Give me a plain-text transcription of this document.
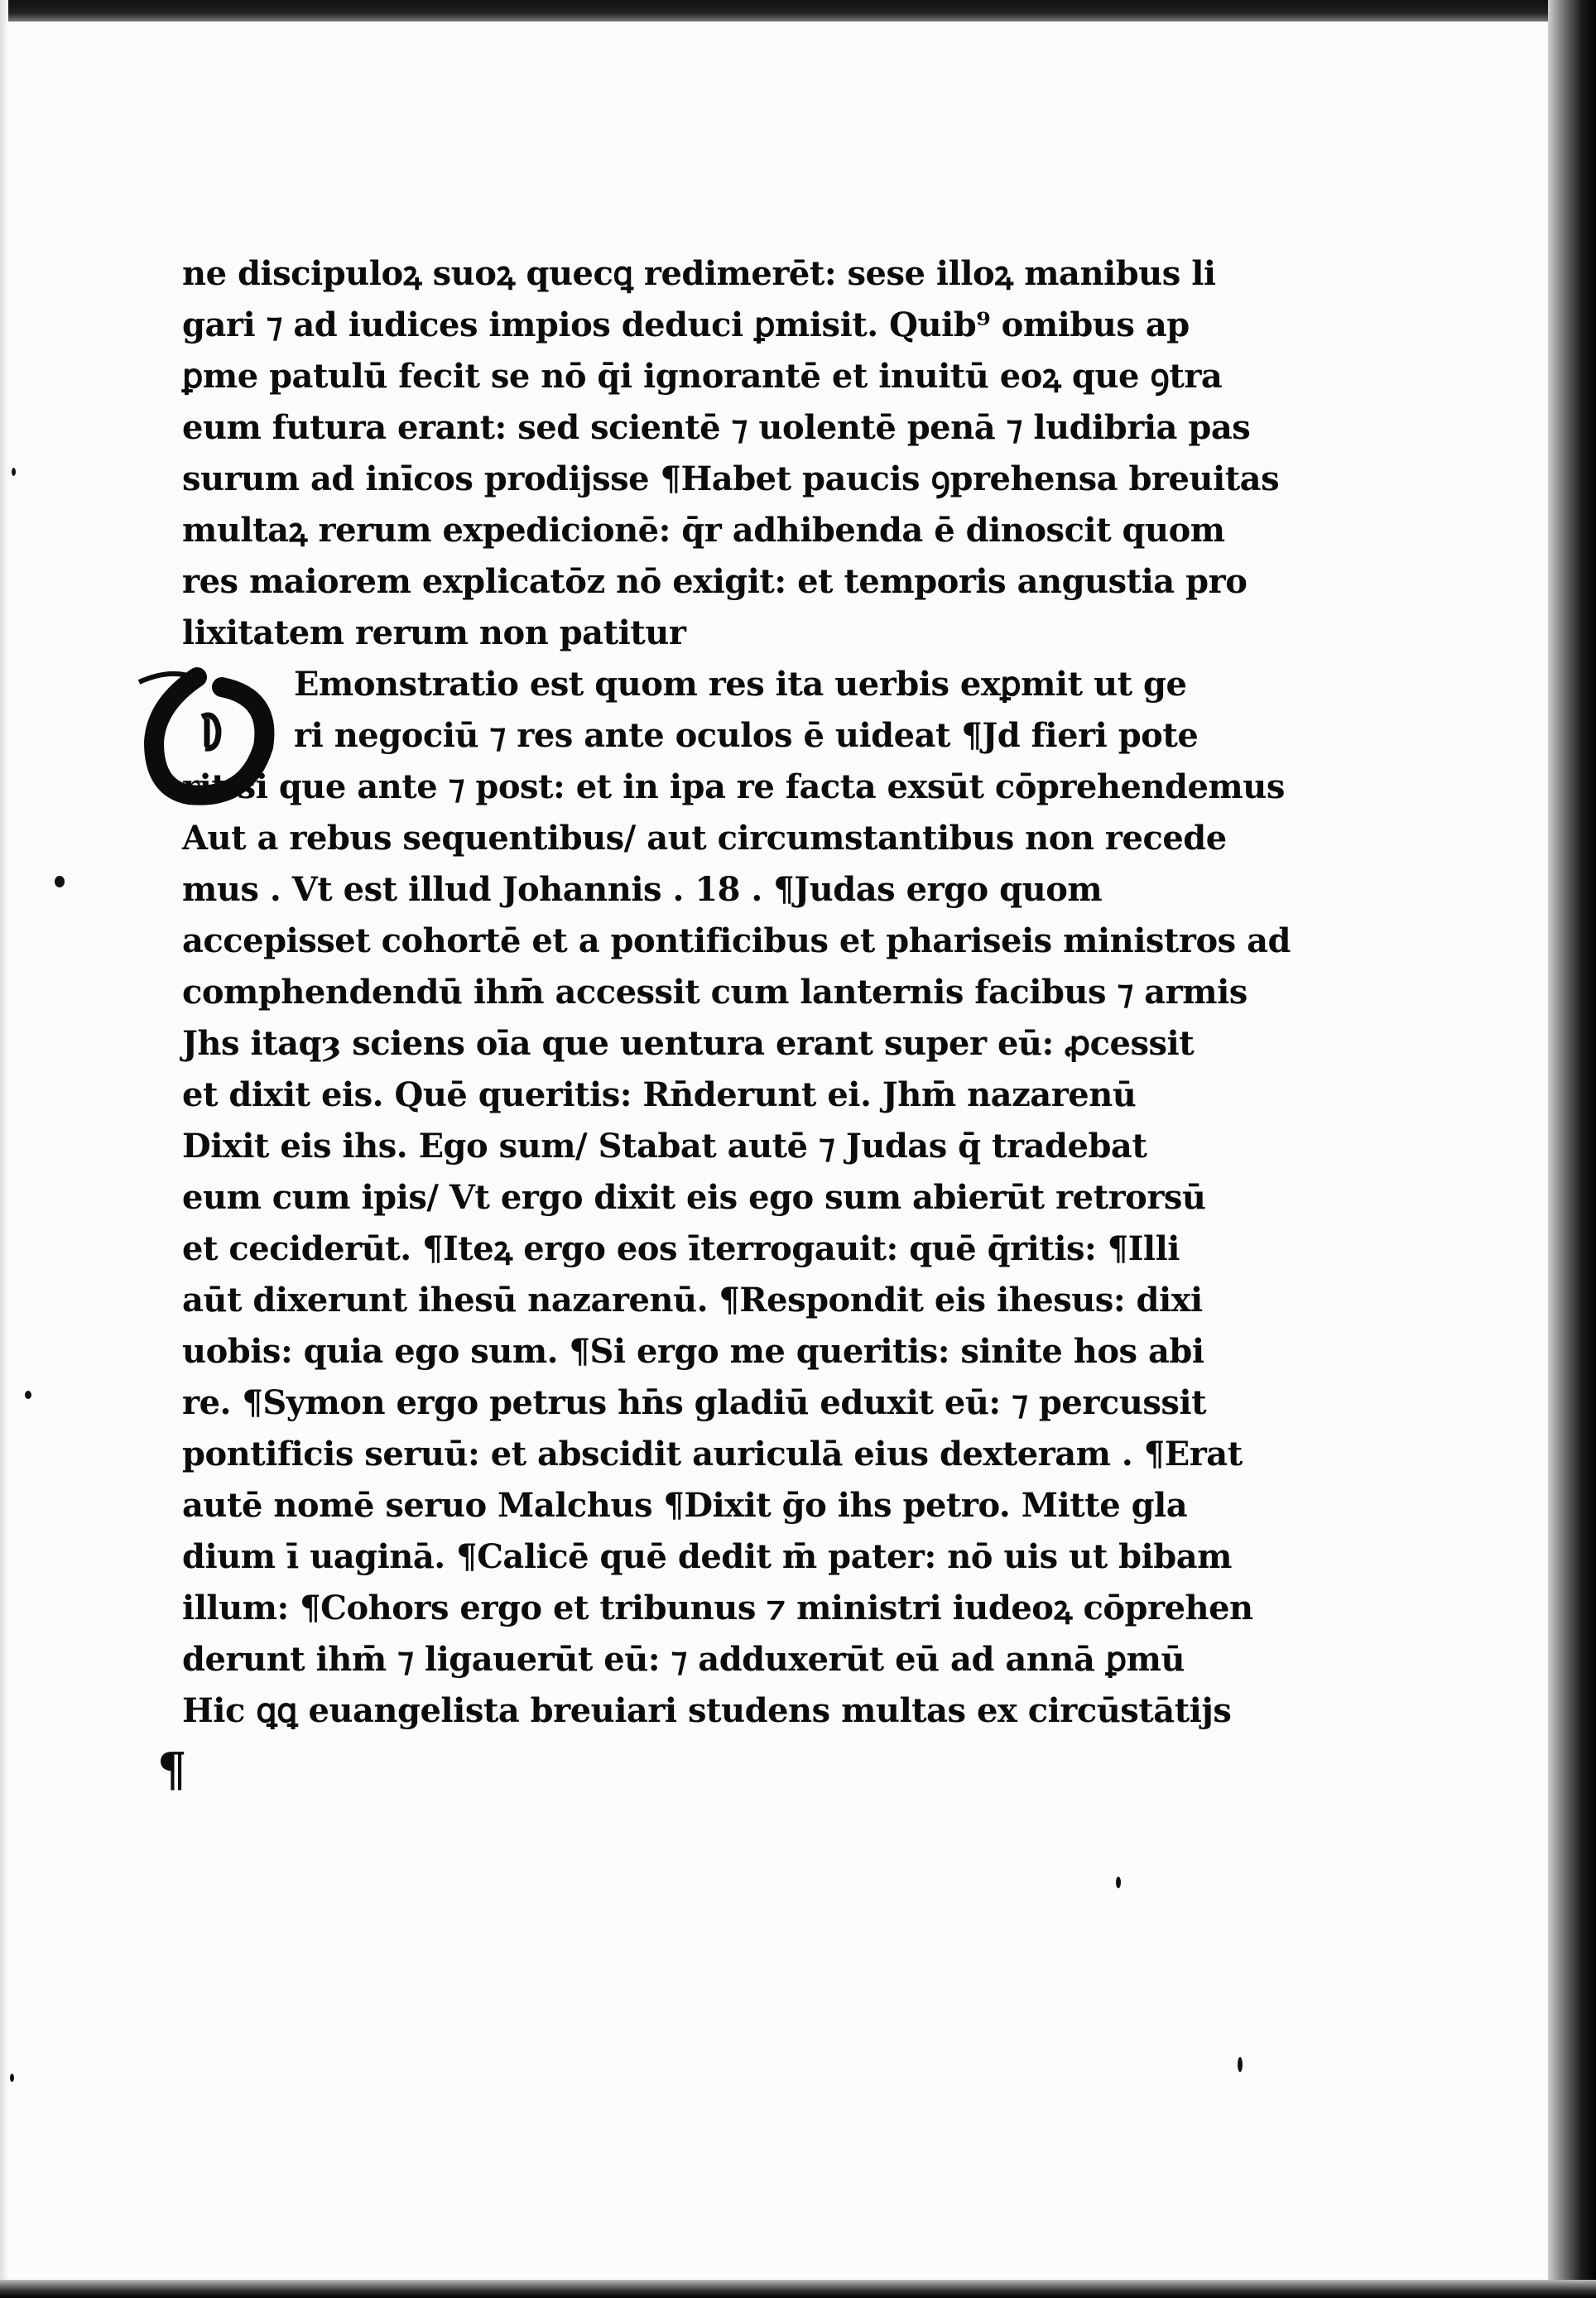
ne discipuloꝝ suoꝝ quecꝗ redimerēt: sese illoꝝ manibus li
gari ⁊ ad iudices impios deduci ꝑmisit. Quib⁹ omibus ap
ꝑme patulū fecit se nō q̄i ignorantē et inuitū eoꝝ que ꝯtra
eum futura erant: sed scientē ⁊ uolentē penā ⁊ ludibria pas
surum ad inīcos prodijsse ¶Habet paucis ꝯprehensa breuitas
multaꝝ rerum expedicionē: q̄r adhibenda ē dinoscit quom
res maiorem explicatōz nō exigit: et temporis angustia pro
lixitatem rerum non patitur
Emonstratio est quom res ita uerbis exꝑmit ut ge
ri negociū ⁊ res ante oculos ē uideat ¶Jd fieri pote
rit si que ante ⁊ post: et in ipa re facta exsūt cōprehendemus
Aut a rebus sequentibus/ aut circumstantibus non recede
mus . Vt est illud Johannis . 18 . ¶Judas ergo quom
accepisset cohortē et a pontificibus et phariseis ministros ad
comphendendū ihm̄ accessit cum lanternis facibus ⁊ armis
Jhs itaqȝ sciens oīa que uentura erant super eū: ꝓcessit
et dixit eis. Quē queritis: Rn̄derunt ei. Jhm̄ nazarenū
Dixit eis ihs. Ego sum/ Stabat autē ⁊ Judas q̄ tradebat
eum cum ipis/ Vt ergo dixit eis ego sum abierūt retrorsū
et ceciderūt. ¶Iteꝝ ergo eos īterrogauit: quē q̄ritis: ¶Illi
aūt dixerunt ihesū nazarenū. ¶Respondit eis ihesus: dixi
uobis: quia ego sum. ¶Si ergo me queritis: sinite hos abi
re. ¶Symon ergo petrus hn̄s gladiū eduxit eū: ⁊ percussit
pontificis seruū: et abscidit auriculā eius dexteram . ¶Erat
autē nomē seruo Malchus ¶Dixit ḡo ihs petro. Mitte gla
dium ī uaginā. ¶Calicē quē dedit m̄ pater: nō uis ut bibam
illum: ¶Cohors ergo et tribunus ⁊ ministri iudeoꝝ cōprehen
derunt ihm̄ ⁊ ligauerūt eū: ⁊ adduxerūt eū ad annā ꝑmū
Hic ꝗꝗ euangelista breuiari studens multas ex circūstātijs
D
¶
